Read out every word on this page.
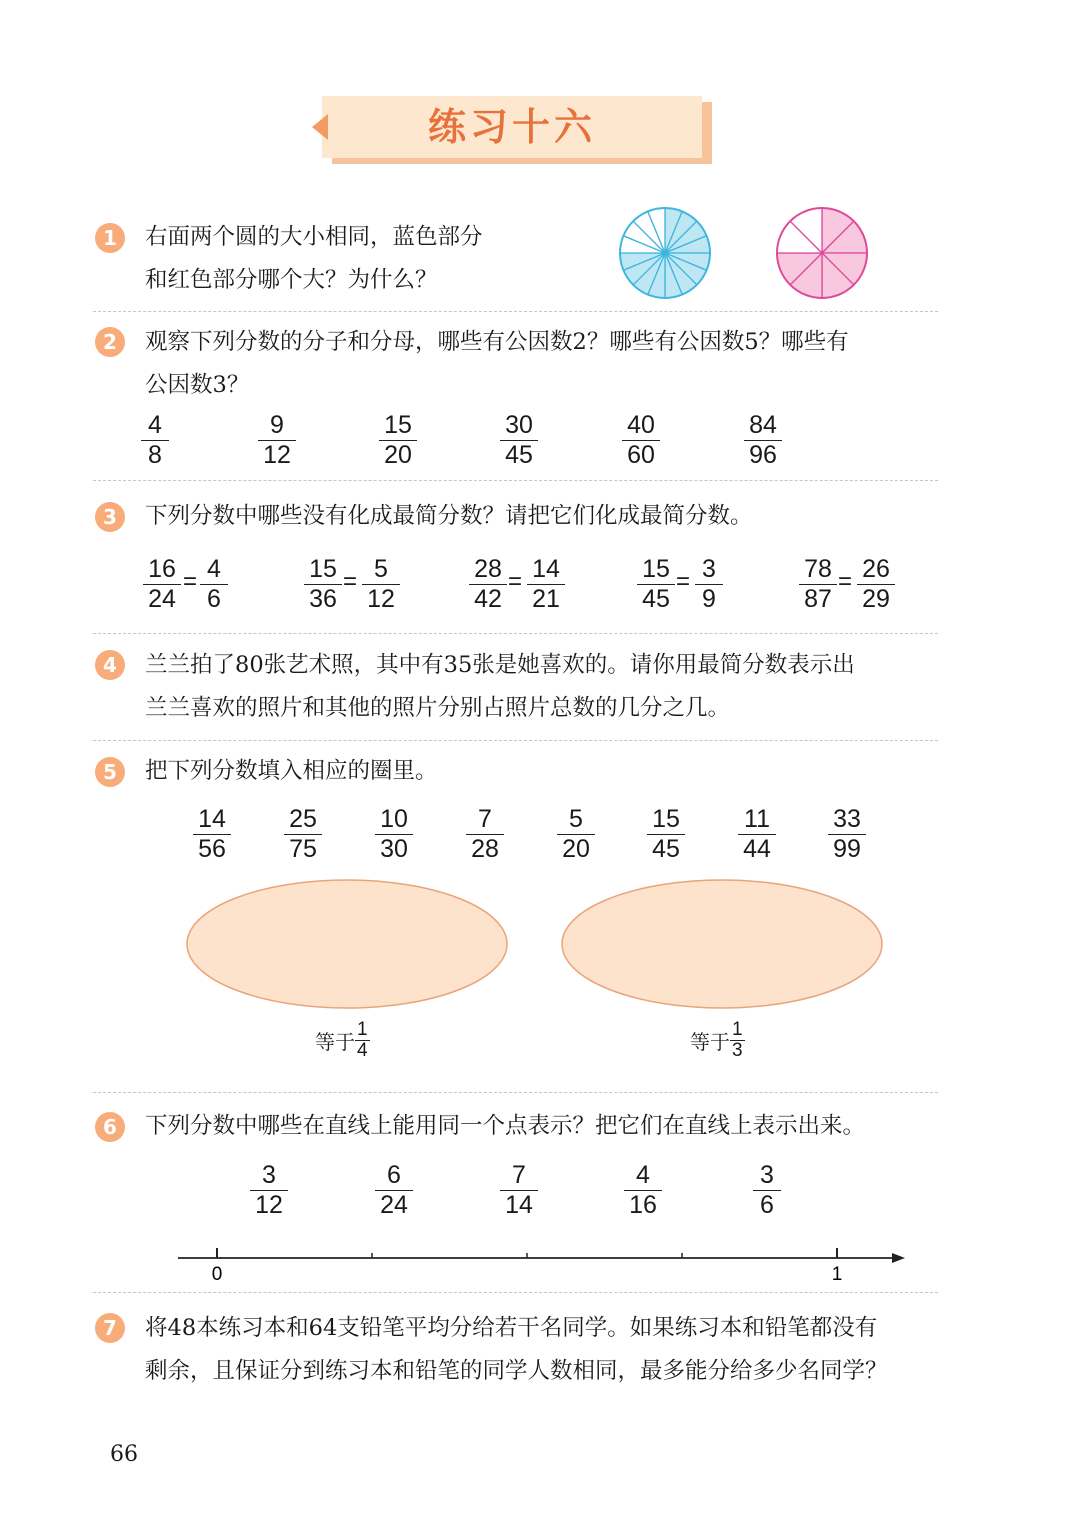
练习十六
1	右面两个圆的大小相同，蓝色部分
和红色部分哪个大？为什么？
2	观察下列分数的分子和分母，哪些有公因数2？哪些有公因数5？哪些有
公因数3？
$\frac{4}{8}$	$\frac{9}{12}$	$\frac{15}{20}$	$\frac{30}{45}$	$\frac{40}{60}$	$\frac{84}{96}$
3	下列分数中哪些没有化成最简分数？请把它们化成最简分数。
$\frac{16}{24} = \frac{4}{6}$	$\frac{15}{36} = \frac{5}{12}$	$\frac{28}{42} = \frac{14}{21}$	$\frac{15}{45} = \frac{3}{9}$	$\frac{78}{87} = \frac{26}{29}$
4	兰兰拍了80张艺术照，其中有35张是她喜欢的。请你用最简分数表示出
兰兰喜欢的照片和其他的照片分别占照片总数的几分之几。
5	把下列分数填入相应的圈里。
$\frac{14}{56} \frac{25}{75} \frac{10}{30} \frac{7}{28} \frac{5}{20} \frac{15}{45} \frac{11}{44} \frac{33}{99}$
等于 $\frac{1}{4}$	等于 $\frac{1}{3}$
6	下列分数中哪些在直线上能用同一个点表示？把它们在直线上表示出来。
$\frac{3}{12}$	$\frac{6}{24}$	$\frac{7}{14}$	$\frac{4}{16}$	$\frac{3}{6}$
0	1
7	将48本练习本和64支铅笔平均分给若干名同学。如果练习本和铅笔都没有
剩余，且保证分到练习本和铅笔的同学人数相同，最多能分给多少名同学？
66
